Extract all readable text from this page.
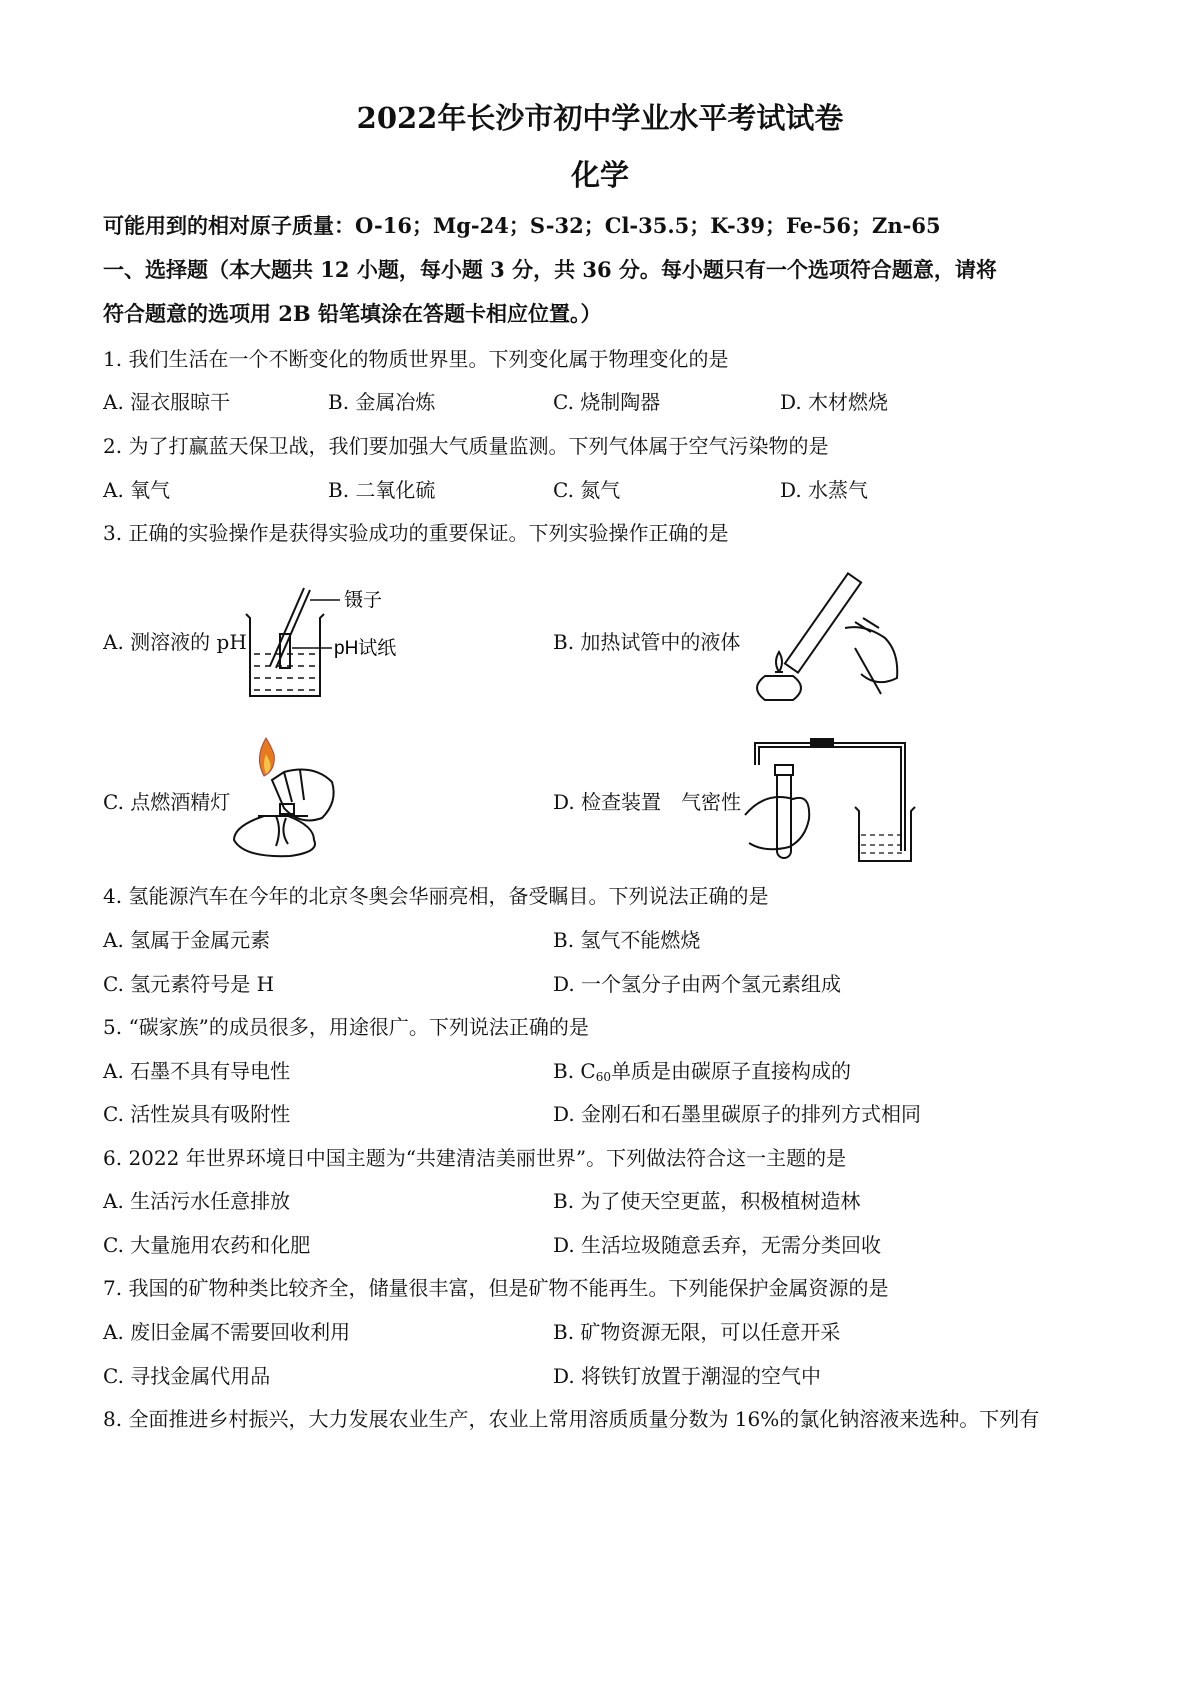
2022年长沙市初中学业水平考试试卷
化学
可能用到的相对原子质量：O-16；Mg-24；S-32；Cl-35.5；K-39；Fe-56；Zn-65
一、选择题（本大题共 12 小题，每小题 3 分，共 36 分。每小题只有一个选项符合题意，请将
符合题意的选项用 2B 铅笔填涂在答题卡相应位置。）
1. 我们生活在一个不断变化的物质世界里。下列变化属于物理变化的是
A. 湿衣服晾干	B. 金属冶炼	C. 烧制陶器	D. 木材燃烧
2. 为了打赢蓝天保卫战，我们要加强大气质量监测。下列气体属于空气污染物的是
A. 氧气	B. 二氧化硫	C. 氮气	D. 水蒸气
3. 正确的实验操作是获得实验成功的重要保证。下列实验操作正确的是
A. 测溶液的 pH
镊子
pH试纸	B. 加热试管中的液体
C. 点燃酒精灯	D. 检查装置　气密性
4. 氢能源汽车在今年的北京冬奥会华丽亮相，备受瞩目。下列说法正确的是
A. 氢属于金属元素	B. 氢气不能燃烧
C. 氢元素符号是 H	D. 一个氢分子由两个氢元素组成
5. “碳家族”的成员很多，用途很广。下列说法正确的是
A. 石墨不具有导电性	B. $C_{60}$单质是由碳原子直接构成的
C. 活性炭具有吸附性	D. 金刚石和石墨里碳原子的排列方式相同
6. 2022 年世界环境日中国主题为“共建清洁美丽世界”。下列做法符合这一主题的是
A. 生活污水任意排放	B. 为了使天空更蓝，积极植树造林
C. 大量施用农药和化肥	D. 生活垃圾随意丢弃，无需分类回收
7. 我国的矿物种类比较齐全，储量很丰富，但是矿物不能再生。下列能保护金属资源的是
A. 废旧金属不需要回收利用	B. 矿物资源无限，可以任意开采
C. 寻找金属代用品	D. 将铁钉放置于潮湿的空气中
8. 全面推进乡村振兴，大力发展农业生产，农业上常用溶质质量分数为 16%的氯化钠溶液来选种。下列有
